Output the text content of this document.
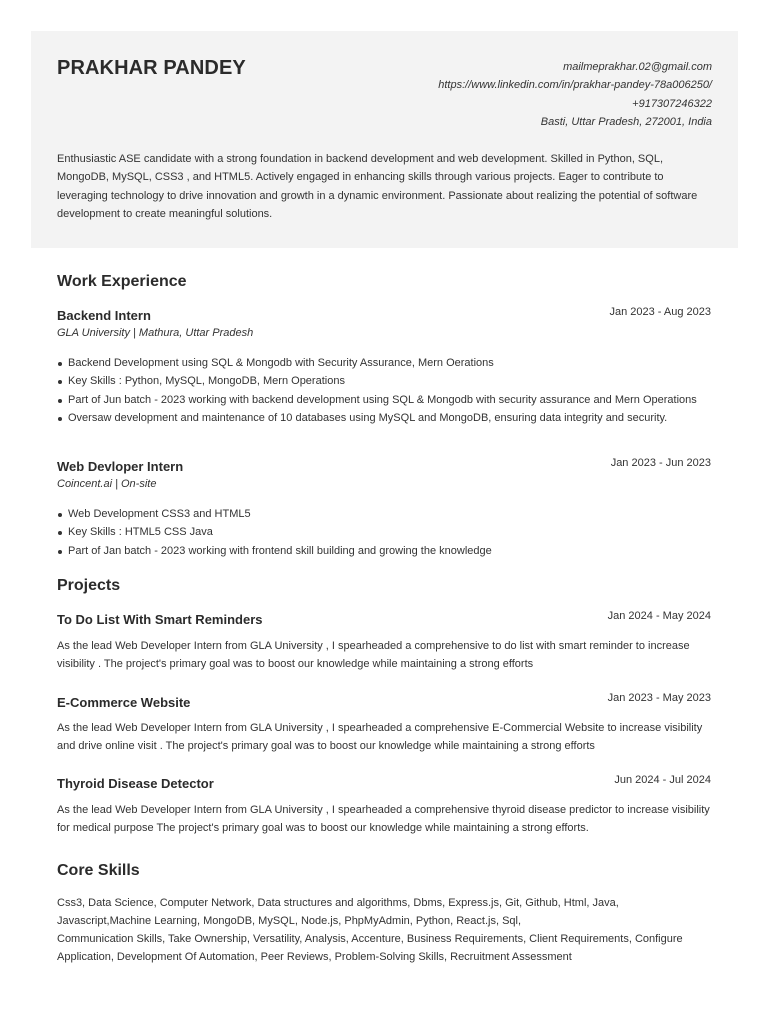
PRAKHAR PANDEY	mailmeprakhar.02@gmail.com
https://www.linkedin.com/in/prakhar-pandey-78a006250/
+917307246322
Basti, Uttar Pradesh, 272001, India

Enthusiastic ASE candidate with a strong foundation in backend development and web development. Skilled in Python, SQL, MongoDB, MySQL, CSS3 , and HTML5. Actively engaged in enhancing skills through various projects. Eager to contribute to leveraging technology to drive innovation and growth in a dynamic environment. Passionate about realizing the potential of software development to create meaningful solutions.

Work Experience
Backend Intern	Jan 2023 - Aug 2023
GLA University | Mathura, Uttar Pradesh
Backend Development using SQL & Mongodb with Security Assurance, Mern Oerations
Key Skills : Python, MySQL, MongoDB, Mern Operations
Part of Jun batch - 2023 working with backend development using SQL & Mongodb with security assurance and Mern Operations
Oversaw development and maintenance of 10 databases using MySQL and MongoDB, ensuring data integrity and security.
Web Devloper Intern	Jan 2023 - Jun 2023
Coincent.ai | On-site
Web Development CSS3 and HTML5
Key Skills : HTML5 CSS Java
Part of Jan batch - 2023 working with frontend skill building and growing the knowledge
Projects
To Do List With Smart Reminders	Jan 2024 - May 2024

As the lead Web Developer Intern from GLA University , I spearheaded a comprehensive to do list with smart reminder to increase visibility . The project's primary goal was to boost our knowledge while maintaining a strong efforts

E-Commerce Website	Jan 2023 - May 2023

As the lead Web Developer Intern from GLA University , I spearheaded a comprehensive E-Commercial Website to increase visibility and drive online visit . The project's primary goal was to boost our knowledge while maintaining a strong efforts

Thyroid Disease Detector	Jun 2024 - Jul 2024

As the lead Web Developer Intern from GLA University , I spearheaded a comprehensive thyroid disease predictor to increase visibility for medical purpose The project's primary goal was to boost our knowledge while maintaining a strong efforts.

Core Skills

Css3, Data Science, Computer Network, Data structures and algorithms, Dbms, Express.js, Git, Github, Html, Java, Javascript,Machine Learning, MongoDB, MySQL, Node.js, PhpMyAdmin, Python, React.js, Sql,

Communication Skills, Take Ownership, Versatility, Analysis, Accenture, Business Requirements, Client Requirements, Configure Application, Development Of Automation, Peer Reviews, Problem-Solving Skills, Recruitment Assessment
